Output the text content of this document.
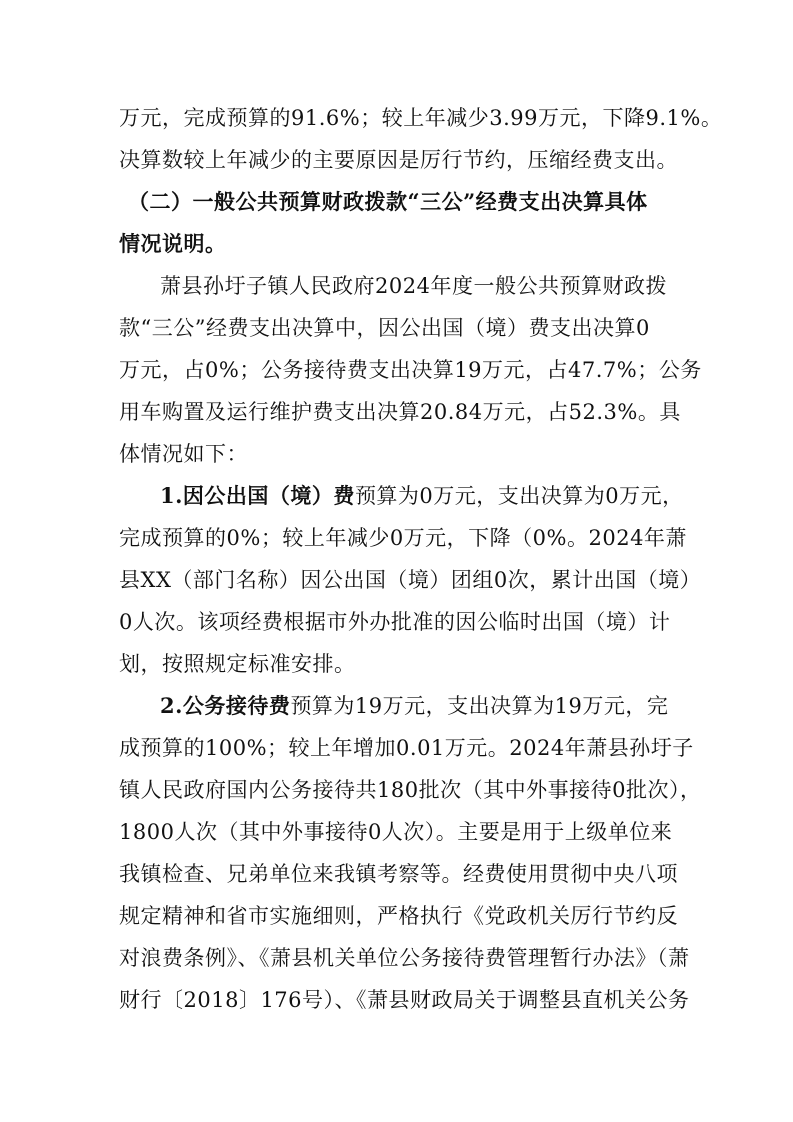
万元，完成预算的91.6%；较上年减少3.99万元，下降9.1%。
决算数较上年减少的主要原因是厉行节约，压缩经费支出。
（二）一般公共预算财政拨款“三公”经费支出决算具体
情况说明。
萧县孙圩子镇人民政府2024年度一般公共预算财政拨
款“三公”经费支出决算中，因公出国（境）费支出决算0
万元，占0%；公务接待费支出决算19万元，占47.7%；公务
用车购置及运行维护费支出决算20.84万元，占52.3%。具
体情况如下：
1.因公出国（境）费预算为0万元，支出决算为0万元，
完成预算的0%；较上年减少0万元，下降（0%。2024年萧
县XX（部门名称）因公出国（境）团组0次，累计出国（境）
0人次。该项经费根据市外办批准的因公临时出国（境）计
划，按照规定标准安排。
2.公务接待费预算为19万元，支出决算为19万元，完
成预算的100%；较上年增加0.01万元。2024年萧县孙圩子
镇人民政府国内公务接待共180批次（其中外事接待0批次），
1800人次（其中外事接待0人次）。主要是用于上级单位来
我镇检查、兄弟单位来我镇考察等。经费使用贯彻中央八项
规定精神和省市实施细则，严格执行《党政机关厉行节约反
对浪费条例》、《萧县机关单位公务接待费管理暂行办法》（萧
财行〔2018〕176号）、《萧县财政局关于调整县直机关公务
